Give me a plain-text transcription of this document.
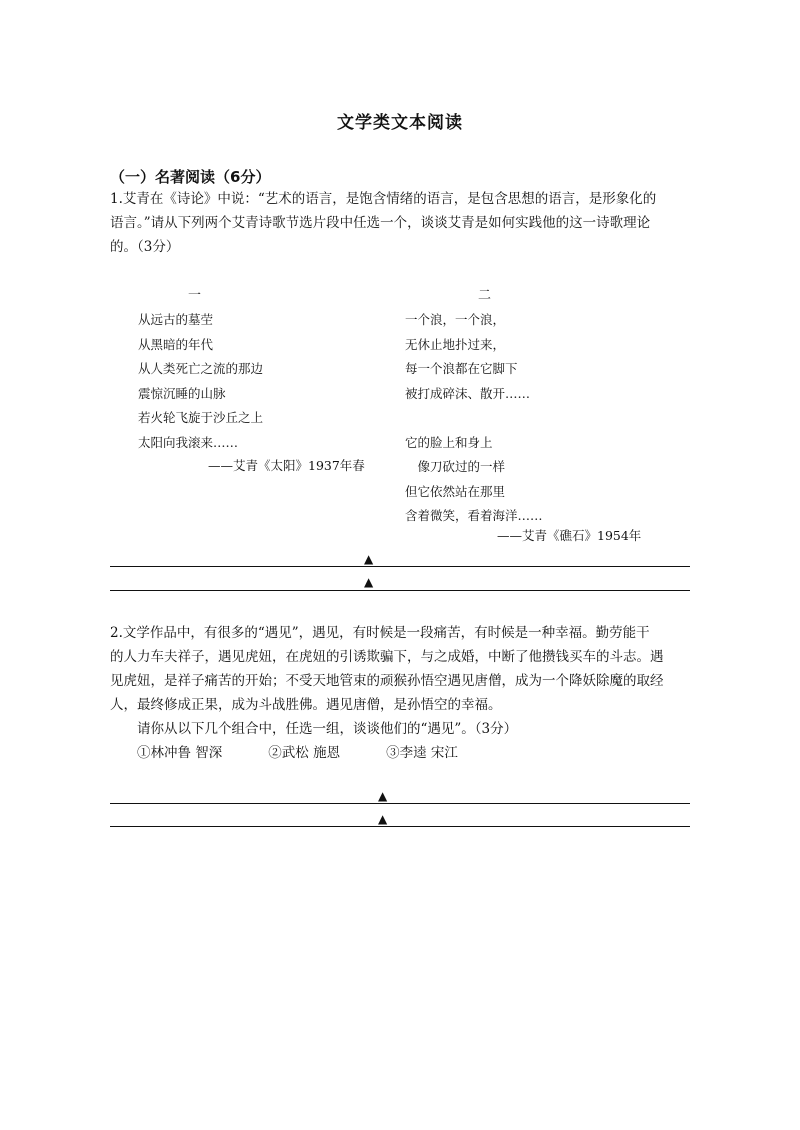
文学类文本阅读
（一）名著阅读（6分）
1.艾青在《诗论》中说：“艺术的语言，是饱含情绪的语言，是包含思想的语言，是形象化的
语言。”请从下列两个艾青诗歌节选片段中任选一个，谈谈艾青是如何实践他的这一诗歌理论
的。（3分）
一
从远古的墓茔
从黑暗的年代
从人类死亡之流的那边
震惊沉睡的山脉
若火轮飞旋于沙丘之上
太阳向我滚来……
——艾青《太阳》1937年春
二
一个浪，一个浪，
无休止地扑过来，
每一个浪都在它脚下
被打成碎沫、散开……
它的脸上和身上
　像刀砍过的一样
但它依然站在那里
含着微笑，看着海洋……
——艾青《礁石》1954年
▲
▲
2.文学作品中，有很多的“遇见”，遇见，有时候是一段痛苦，有时候是一种幸福。勤劳能干
的人力车夫祥子，遇见虎妞，在虎妞的引诱欺骗下，与之成婚，中断了他攒钱买车的斗志。遇
见虎妞，是祥子痛苦的开始；不受天地管束的顽猴孙悟空遇见唐僧，成为一个降妖除魔的取经
人，最终修成正果，成为斗战胜佛。遇见唐僧，是孙悟空的幸福。
请你从以下几个组合中，任选一组，谈谈他们的“遇见”。（3分）
①林冲鲁 智深	②武松 施恩	③李逵 宋江
▲
▲
